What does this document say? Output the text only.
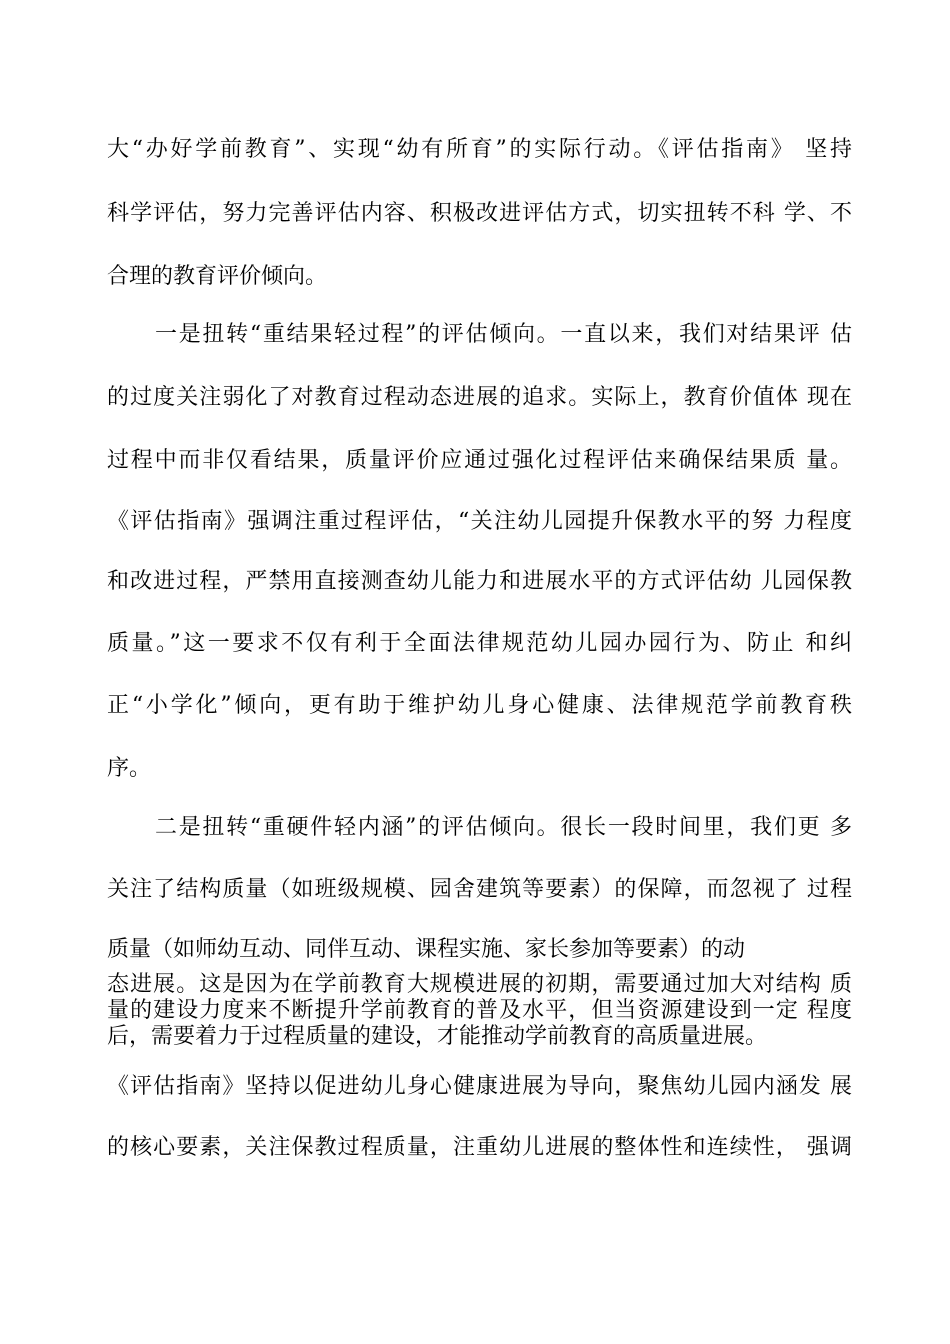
大“办好学前教育”、实现“幼有所育”的实际行动。《评估指南》 坚持
科学评估，努力完善评估内容、积极改进评估方式，切实扭转不科 学、不
合理的教育评价倾向。
一是扭转“重结果轻过程”的评估倾向。一直以来，我们对结果评 估
的过度关注弱化了对教育过程动态进展的追求。实际上，教育价值体 现在
过程中而非仅看结果，质量评价应通过强化过程评估来确保结果质 量。
《评估指南》强调注重过程评估，“关注幼儿园提升保教水平的努 力程度
和改进过程，严禁用直接测查幼儿能力和进展水平的方式评估幼 儿园保教
质量。”这一要求不仅有利于全面法律规范幼儿园办园行为、防止 和纠
正“小学化”倾向，更有助于维护幼儿身心健康、法律规范学前教育秩
序。
二是扭转“重硬件轻内涵”的评估倾向。很长一段时间里，我们更 多
关注了结构质量（如班级规模、园舍建筑等要素）的保障，而忽视了 过程
质量（如师幼互动、同伴互动、课程实施、家长参加等要素）的动
态进展。这是因为在学前教育大规模进展的初期，需要通过加大对结构 质
量的建设力度来不断提升学前教育的普及水平，但当资源建设到一定 程度
后，需要着力于过程质量的建设，才能推动学前教育的高质量进展。
《评估指南》坚持以促进幼儿身心健康进展为导向，聚焦幼儿园内涵发 展
的核心要素，关注保教过程质量，注重幼儿进展的整体性和连续性， 强调
